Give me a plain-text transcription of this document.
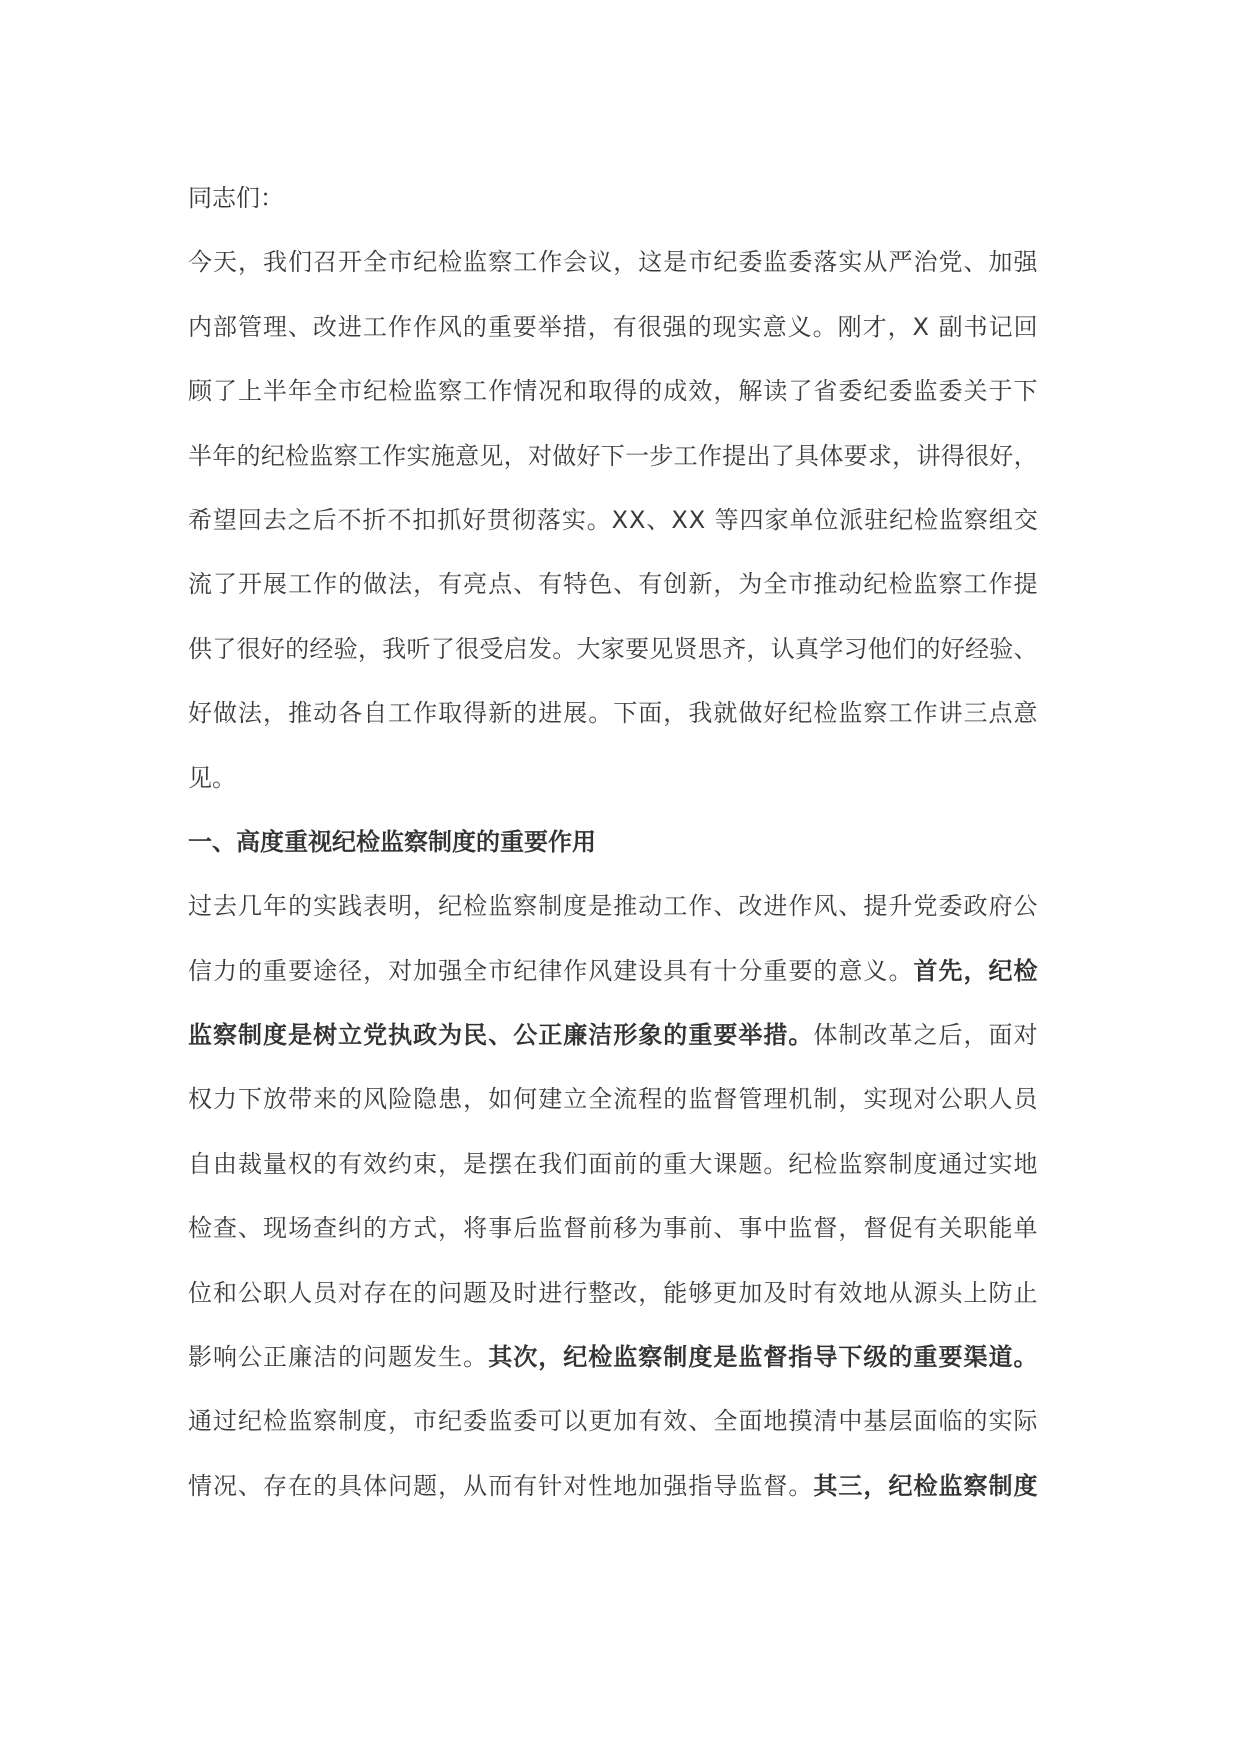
同 志 们 ：
今 天 ， 我 们 召 开 全 市 纪 检 监 察 工 作 会 议 ， 这 是 市 纪 委 监 委 落 实 从 严 治 党 、 加 强
内 部 管 理 、 改 进 工 作 作 风 的 重 要 举 措 ， 有 很 强 的 现 实 意 义 。 刚 才 ， X
副 书 记 回
顾 了 上 半 年 全 市 纪 检 监 察 工 作 情 况 和 取 得 的 成 效 ， 解 读 了 省 委 纪 委 监 委 关 于 下
半 年 的 纪 检 监 察 工 作 实 施 意 见 ， 对 做 好 下 一 步 工 作 提 出 了 具 体 要 求 ， 讲 得 很 好 ，
希 望 回 去 之 后 不 折 不 扣 抓 好 贯 彻 落 实 。 X X 、 X X
等 四 家 单 位 派 驻 纪 检 监 察 组 交
流 了 开 展 工 作 的 做 法 ， 有 亮 点 、 有 特 色 、 有 创 新 ， 为 全 市 推 动 纪 检 监 察 工 作 提
供 了 很 好 的 经 验 ， 我 听 了 很 受 启 发 。 大 家 要 见 贤 思 齐 ， 认 真 学 习 他 们 的 好 经 验 、
好 做 法 ， 推 动 各 自 工 作 取 得 新 的 进 展 。 下 面 ， 我 就 做 好 纪 检 监 察 工 作 讲 三 点 意
见 。
一 、 高 度 重 视 纪 检 监 察 制 度 的 重 要 作 用
过 去 几 年 的 实 践 表 明 ， 纪 检 监 察 制 度 是 推 动 工 作 、 改 进 作 风 、 提 升 党 委 政 府 公
信 力 的 重 要 途 径 ， 对 加 强 全 市 纪 律 作 风 建 设 具 有 十 分 重 要 的 意 义 。 首 先 ， 纪 检
监 察 制 度 是 树 立 党 执 政 为 民 、 公 正 廉 洁 形 象 的 重 要 举 措 。 体 制 改 革 之 后 ， 面 对
权 力 下 放 带 来 的 风 险 隐 患 ， 如 何 建 立 全 流 程 的 监 督 管 理 机 制 ， 实 现 对 公 职 人 员
自 由 裁 量 权 的 有 效 约 束 ， 是 摆 在 我 们 面 前 的 重 大 课 题 。 纪 检 监 察 制 度 通 过 实 地
检 查 、 现 场 查 纠 的 方 式 ， 将 事 后 监 督 前 移 为 事 前 、 事 中 监 督 ， 督 促 有 关 职 能 单
位 和 公 职 人 员 对 存 在 的 问 题 及 时 进 行 整 改 ， 能 够 更 加 及 时 有 效 地 从 源 头 上 防 止
影 响 公 正 廉 洁 的 问 题 发 生 。 其 次 ， 纪 检 监 察 制 度 是 监 督 指 导 下 级 的 重 要 渠 道 。
通 过 纪 检 监 察 制 度 ， 市 纪 委 监 委 可 以 更 加 有 效 、 全 面 地 摸 清 中 基 层 面 临 的 实 际
情 况 、 存 在 的 具 体 问 题 ， 从 而 有 针 对 性 地 加 强 指 导 监 督 。 其 三 ， 纪 检 监 察 制 度
